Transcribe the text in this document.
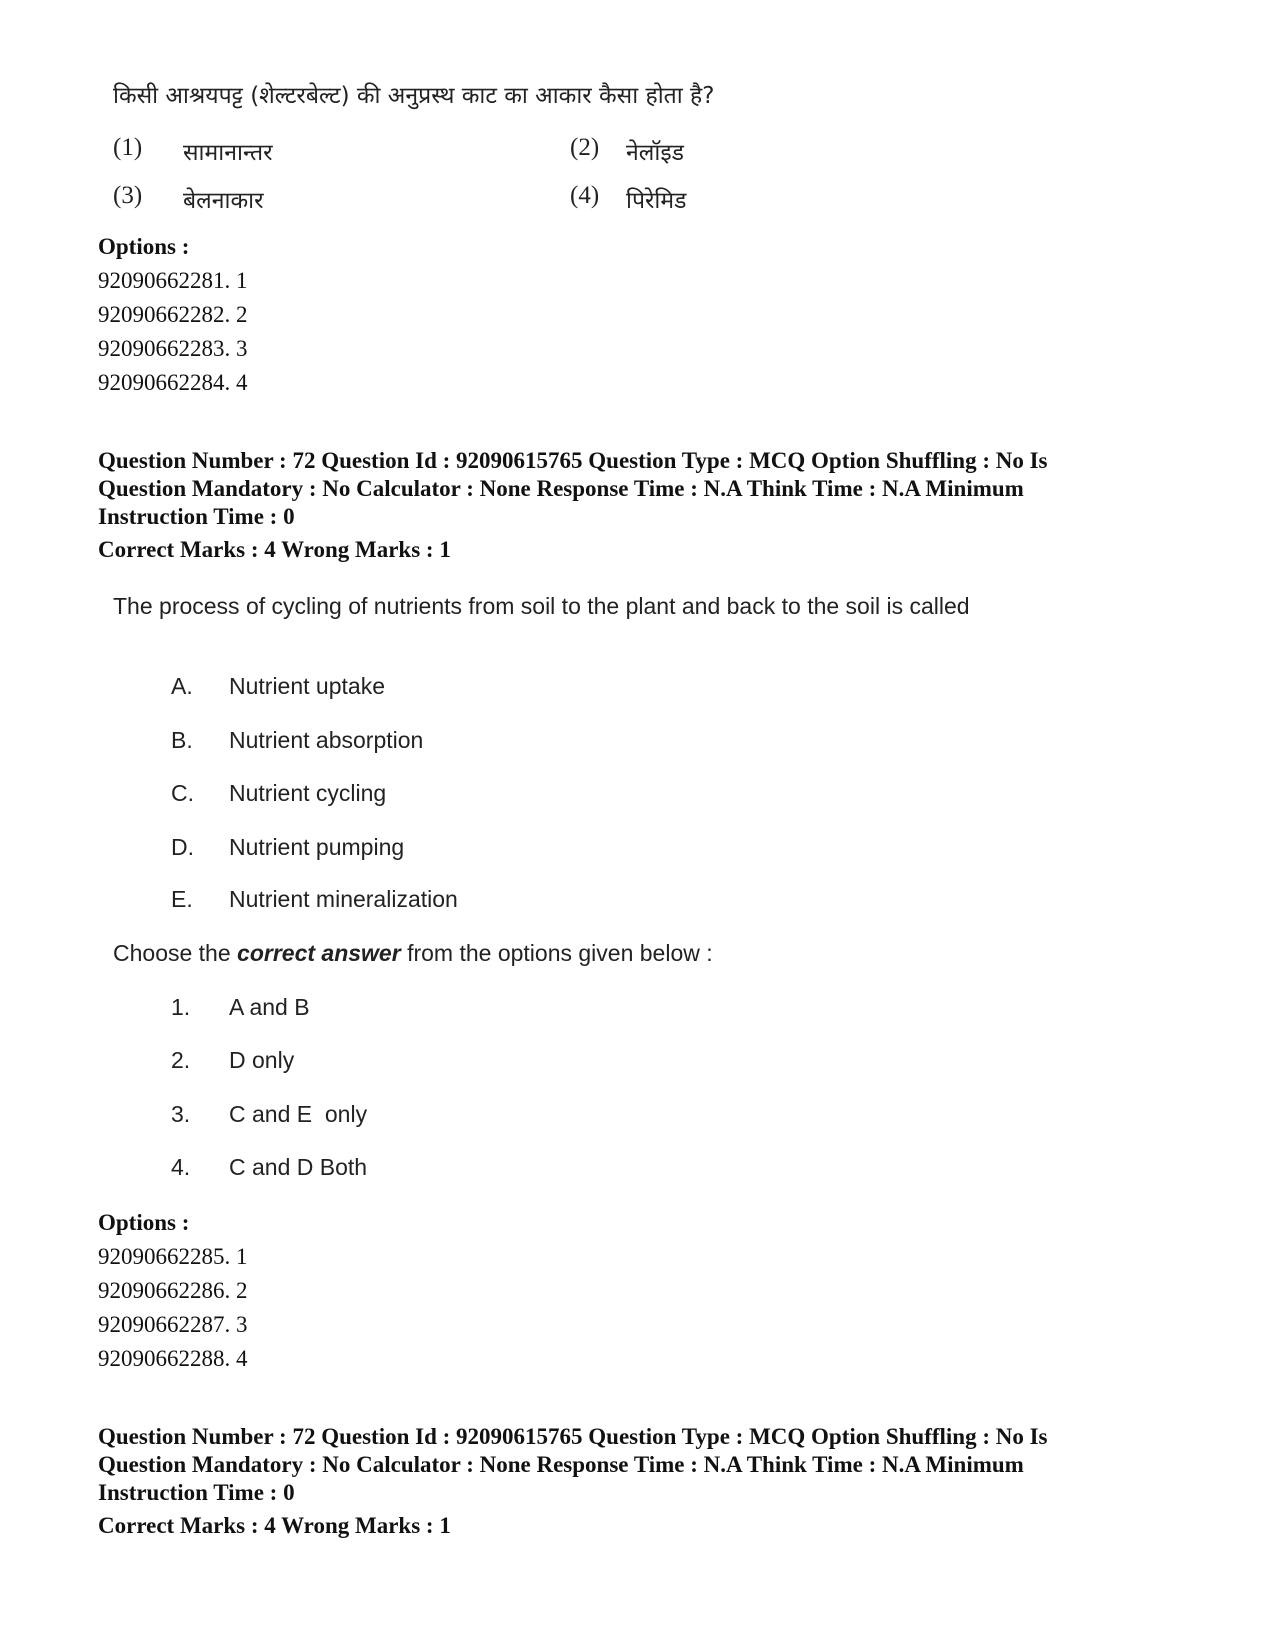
किसी आश्रयपट्ट (शेल्टरबेल्ट) की अनुप्रस्थ काट का आकार कैसा होता है?
(1) सामानान्तर	(2) नेलॉइड
(3) बेलनाकार	(4) पिरेमिड
Options :
92090662281. 1
92090662282. 2
92090662283. 3
92090662284. 4
Question Number : 72 Question Id : 92090615765 Question Type : MCQ Option Shuffling : No Is
Question Mandatory : No Calculator : None Response Time : N.A Think Time : N.A Minimum
Instruction Time : 0
Correct Marks : 4 Wrong Marks : 1
The process of cycling of nutrients from soil to the plant and back to the soil is called
A. Nutrient uptake
B. Nutrient absorption
C. Nutrient cycling
D. Nutrient pumping
E. Nutrient mineralization
Choose the correct answer from the options given below :
1. A and B
2. D only
3. C and E  only
4. C and D Both
Options :
92090662285. 1
92090662286. 2
92090662287. 3
92090662288. 4
Question Number : 72 Question Id : 92090615765 Question Type : MCQ Option Shuffling : No Is
Question Mandatory : No Calculator : None Response Time : N.A Think Time : N.A Minimum
Instruction Time : 0
Correct Marks : 4 Wrong Marks : 1
